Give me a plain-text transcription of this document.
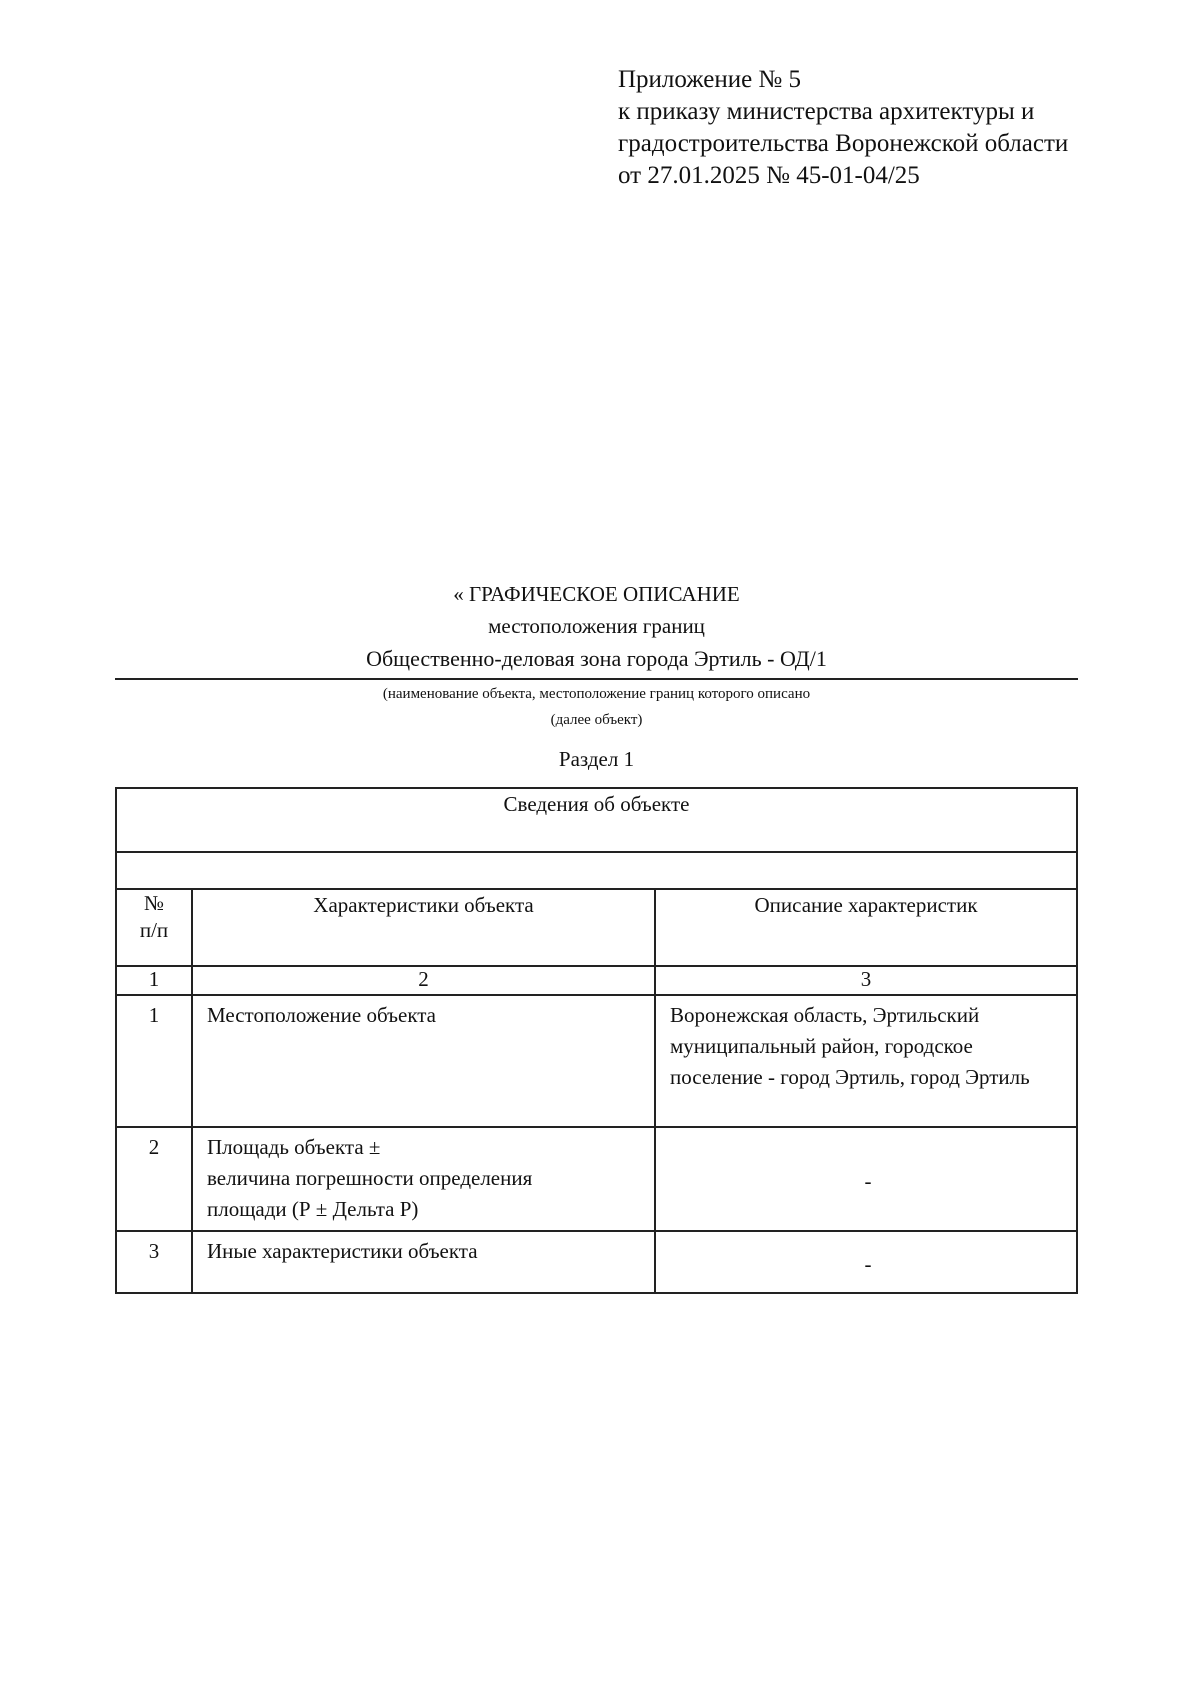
Приложение № 5
к приказу министерства архитектуры и
градостроительства Воронежской области
от 27.01.2025 № 45-01-04/25
« ГРАФИЧЕСКОЕ ОПИСАНИЕ
местоположения границ
Общественно-деловая зона города Эртиль - ОД/1
(наименование объекта, местоположение границ которого описано
(далее объект)
Раздел 1
Сведения об объекте		

№
п/п	Характеристики объекта	Описание характеристик
1	2	3
1	Местоположение объекта	Воронежская область, Эртильский
муниципальный район, городское
поселение - город Эртиль, город Эртиль

2	Площадь объекта ±
величина погрешности определения
площади (Р ± Дельта Р)	-
3	Иные характеристики объекта	-
